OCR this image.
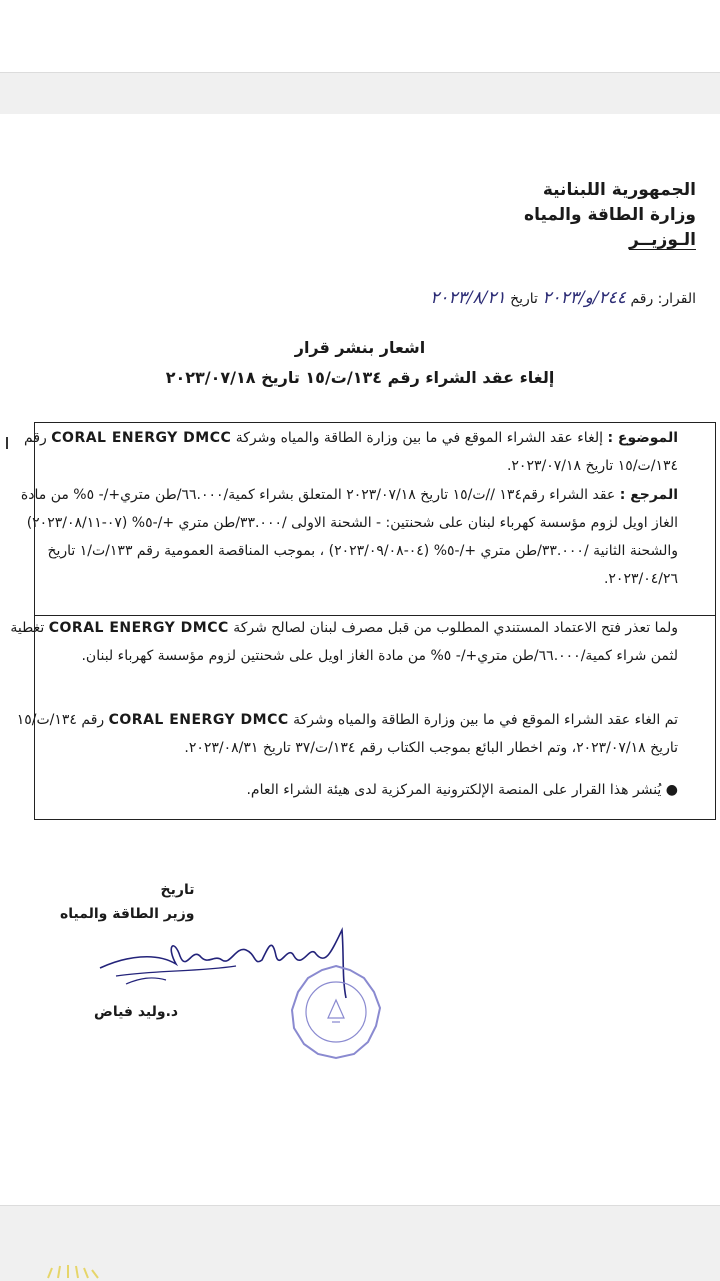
الجمهورية اللبنانية
وزارة الطاقة والمياه
الـوزيــر
القرار: رقم ٢٤٤/و/٢٠٢٣ تاريخ ٢٠٢٣/٨/٢١
اشعار بنشر قرار
إلغاء عقد الشراء رقم ١٣٤/ت/١٥ تاريخ ٢٠٢٣/٠٧/١٨
الموضوع : إلغاء عقد الشراء الموقع في ما بين وزارة الطاقة والمياه وشركة CORAL ENERGY DMCC رقم ١٣٤/ت/١٥ تاريخ ٢٠٢٣/٠٧/١٨.
المرجع : عقد الشراء رقم١٣٤ //ت/١٥ تاريخ ٢٠٢٣/٠٧/١٨ المتعلق بشراء كمية/٦٦.٠٠٠/طن متري+/- ٥% من مادة الغاز اويل لزوم مؤسسة كهرباء لبنان على شحنتين: - الشحنة الاولى /٣٣.٠٠٠/طن متري +/-٥% (٠٧-٢٠٢٣/٠٨/١١) والشحنة الثانية /٣٣.٠٠٠/طن متري +/-٥% (٠٤-٢٠٢٣/٠٩/٠٨) ، بموجب المناقصة العمومية رقم ١٣٣/ت/١ تاريخ ٢٠٢٣/٠٤/٢٦.
ولما تعذر فتح الاعتماد المستندي المطلوب من قبل مصرف لبنان لصالح شركة CORAL ENERGY DMCC تغطية لثمن شراء كمية/٦٦.٠٠٠/طن متري+/- ٥% من مادة الغاز اويل على شحنتين لزوم مؤسسة كهرباء لبنان.
تم الغاء عقد الشراء الموقع في ما بين وزارة الطاقة والمياه وشركة CORAL ENERGY DMCC رقم ١٣٤/ت/١٥ تاريخ ٢٠٢٣/٠٧/١٨، وتم اخطار البائع بموجب الكتاب رقم ١٣٤/ت/٣٧ تاريخ ٢٠٢٣/٠٨/٣١.
● يُنشر هذا القرار على المنصة الإلكترونية المركزية لدى هيئة الشراء العام.
تاريخ
وزير الطاقة والمياه
د.وليد فياض
